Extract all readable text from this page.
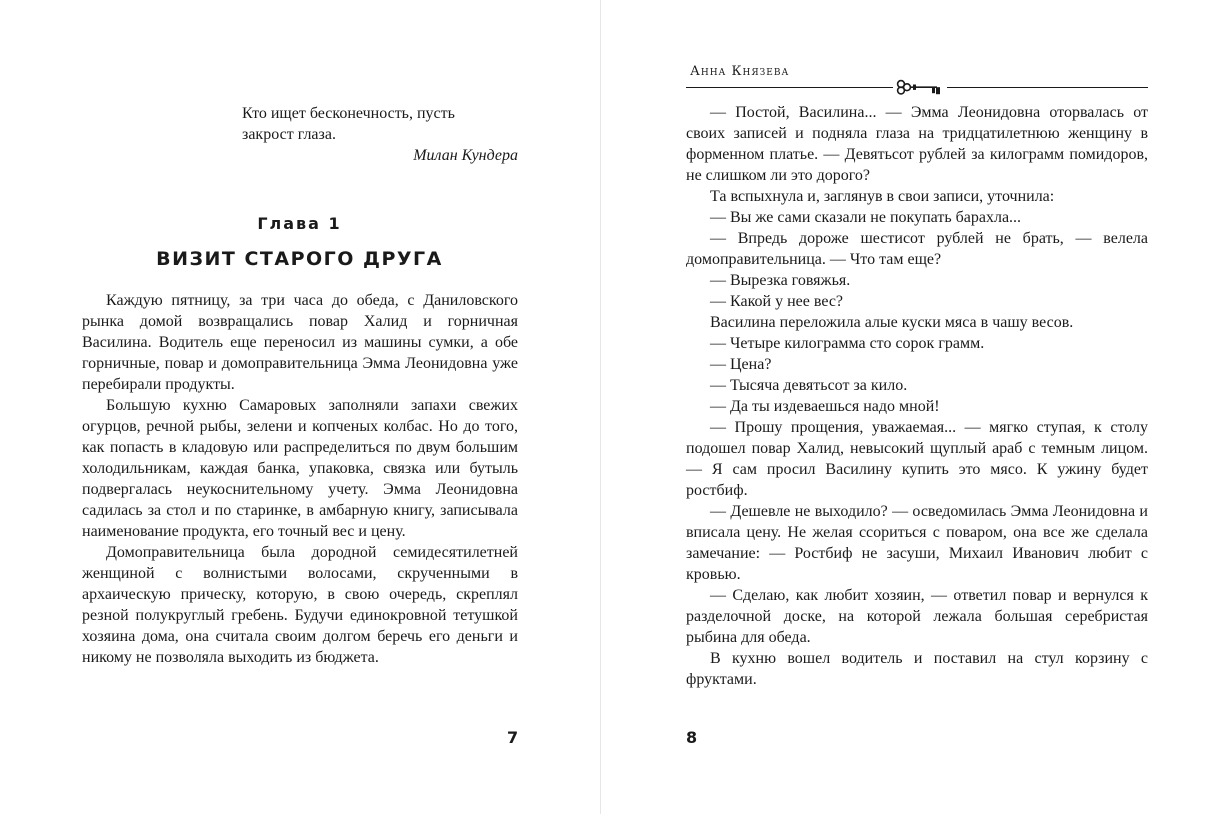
Кто ищет бесконечность, пусть
закрост глаза.
Милан Кундера
Глава 1
ВИЗИТ СТАРОГО ДРУГА

Каждую пятницу, за три часа до обеда, с Даниловского рынка домой возвращались повар Халид и горничная Василина. Водитель еще переносил из машины сумки, а обе горничные, повар и домоправительница Эмма Леонидовна уже перебирали продукты.

Большую кухню Самаровых заполняли запахи свежих огурцов, речной рыбы, зелени и копченых колбас. Но до того, как попасть в кладовую или распределиться по двум большим холодильникам, каждая банка, упаковка, связка или бутыль подвергалась неукоснительному учету. Эмма Леонидовна садилась за стол и по старинке, в амбарную книгу, записывала наименование продукта, его точный вес и цену.

Домоправительница была дородной семидесятилетней женщиной с волнистыми волосами, скрученными в архаическую прическу, которую, в свою очередь, скреплял резной полукруглый гребень. Будучи единокровной тетушкой хозяина дома, она считала своим долгом беречь его деньги и никому не позволяла выходить из бюджета.

7
Анна Князева

— Постой, Василина... — Эмма Леонидовна оторвалась от своих записей и подняла глаза на тридцатилетнюю женщину в форменном платье. — Девятьсот рублей за килограмм помидоров, не слишком ли это дорого?

Та вспыхнула и, заглянув в свои записи, уточнила:

— Вы же сами сказали не покупать барахла...

— Впредь дороже шестисот рублей не брать, — велела домоправительница. — Что там еще?

— Вырезка говяжья.

— Какой у нее вес?

Василина переложила алые куски мяса в чашу весов.

— Четыре килограмма сто сорок грамм.

— Цена?

— Тысяча девятьсот за кило.

— Да ты издеваешься надо мной!

— Прошу прощения, уважаемая... — мягко ступая, к столу подошел повар Халид, невысокий щуплый араб с темным лицом. — Я сам просил Василину купить это мясо. К ужину будет ростбиф.

— Дешевле не выходило? — осведомилась Эмма Леонидовна и вписала цену. Не желая ссориться с поваром, она все же сделала замечание: — Ростбиф не засуши, Михаил Иванович любит с кровью.

— Сделаю, как любит хозяин, — ответил повар и вернулся к разделочной доске, на которой лежала большая серебристая рыбина для обеда.

В кухню вошел водитель и поставил на стул корзину с фруктами.

8
